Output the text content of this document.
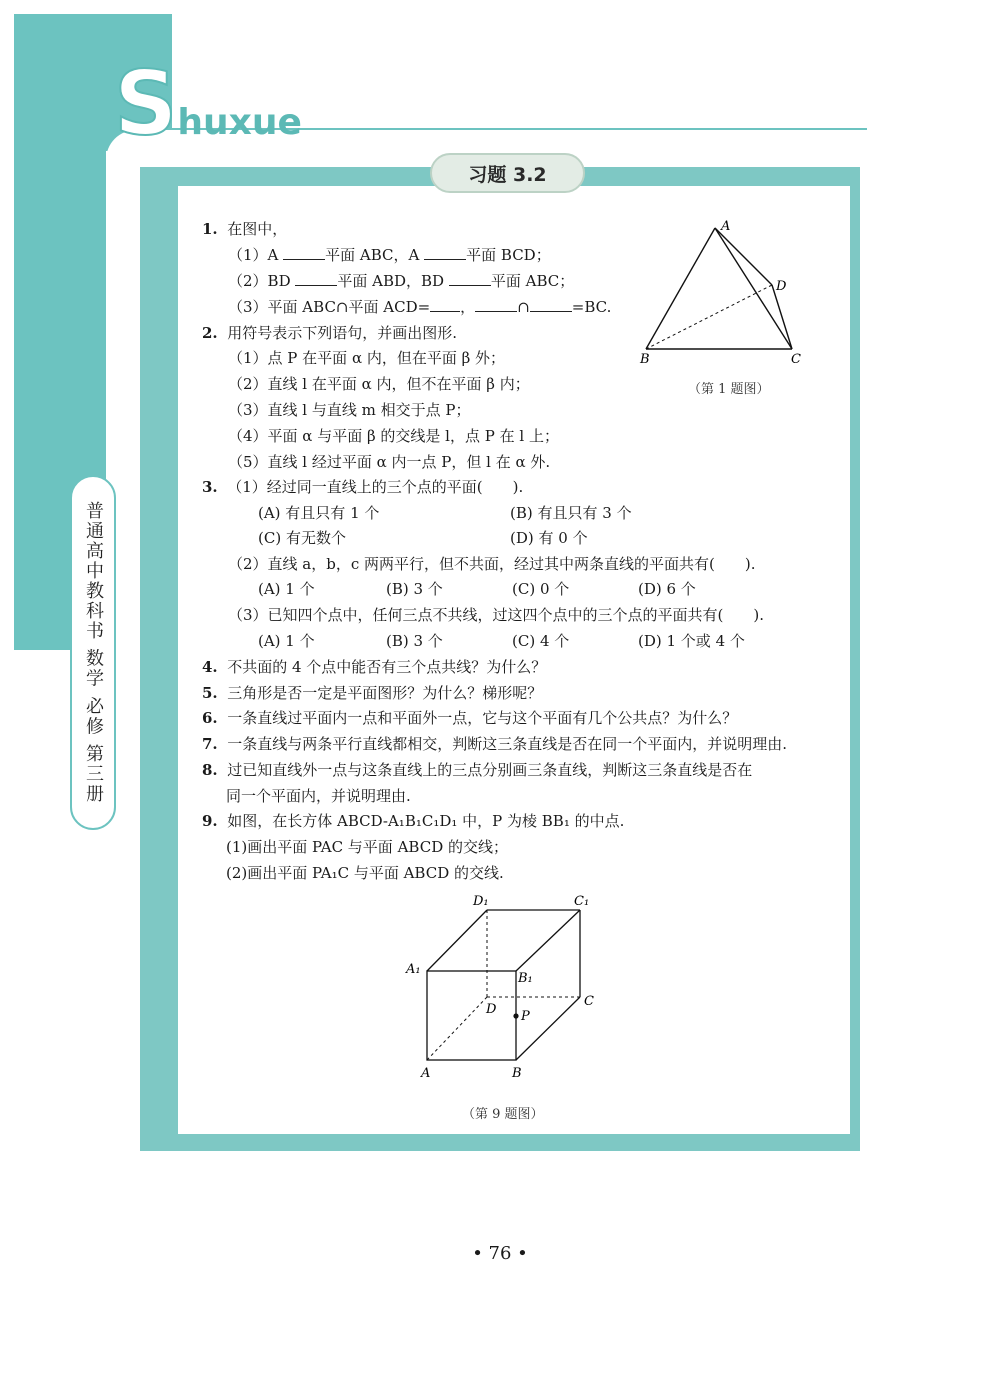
Shuxue
普通高中教科书 数学 必修 第三册
习题 3.2
1. 在图中，
（1）A	平面 ABC，A	平面 BCD；
（2）BD	平面 ABD，BD	平面 ABC；
（3）平面 ABC∩平面 ACD= ，	∩	=BC.
A
B	C
D
（第 1 题图）
2. 用符号表示下列语句，并画出图形.
（1）点 P 在平面 α 内，但在平面 β 外；
（2）直线 l 在平面 α 内，但不在平面 β 内；
（3）直线 l 与直线 m 相交于点 P；
（4）平面 α 与平面 β 的交线是 l，点 P 在 l 上；
（5）直线 l 经过平面 α 内一点 P，但 l 在 α 外.
3. （1）经过同一直线上的三个点的平面(　　).
(A) 有且只有 1 个	(B) 有且只有 3 个
(C) 有无数个	(D) 有 0 个
（2）直线 a，b，c 两两平行，但不共面，经过其中两条直线的平面共有(　　).
(A) 1 个	(B) 3 个	(C) 0 个	(D) 6 个
（3）已知四个点中，任何三点不共线，过这四个点中的三个点的平面共有(　　).
(A) 1 个	(B) 3 个	(C) 4 个	(D) 1 个或 4 个
4. 不共面的 4 个点中能否有三个点共线？为什么？
5. 三角形是否一定是平面图形？为什么？梯形呢？
6. 一条直线过平面内一点和平面外一点，它与这个平面有几个公共点？为什么？
7. 一条直线与两条平行直线都相交，判断这三条直线是否在同一个平面内，并说明理由.
8. 过已知直线外一点与这条直线上的三点分别画三条直线，判断这三条直线是否在
同一个平面内，并说明理由.
9. 如图，在长方体 ABCD-A₁B₁C₁D₁ 中，P 为棱 BB₁ 的中点.
(1)画出平面 PAC 与平面 ABCD 的交线；
(2)画出平面 PA₁C 与平面 ABCD 的交线.
D₁	C₁
A₁
B₁
D
C
P
A	B
（第 9 题图）
• 76 •
